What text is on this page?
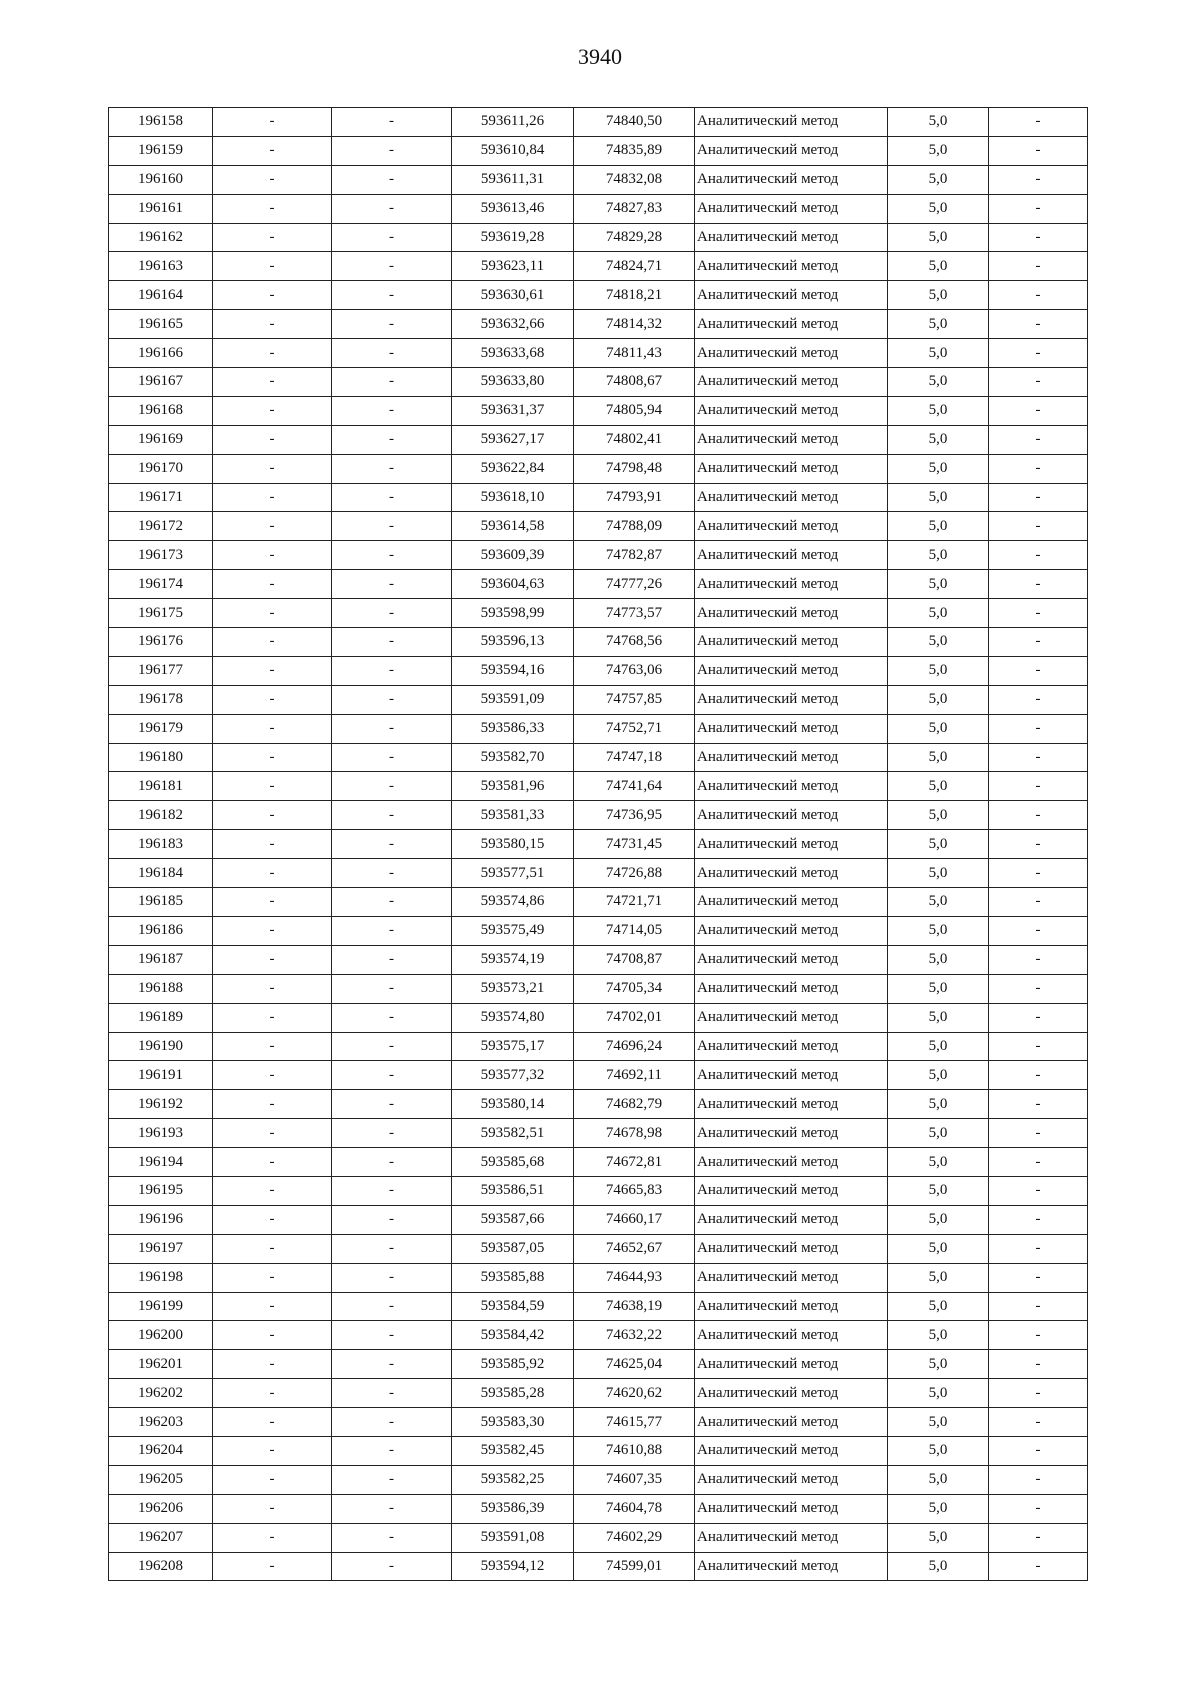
3940
196158	-	-	593611,26	74840,50	Аналитический метод	5,0	-
196159	-	-	593610,84	74835,89	Аналитический метод	5,0	-
196160	-	-	593611,31	74832,08	Аналитический метод	5,0	-
196161	-	-	593613,46	74827,83	Аналитический метод	5,0	-
196162	-	-	593619,28	74829,28	Аналитический метод	5,0	-
196163	-	-	593623,11	74824,71	Аналитический метод	5,0	-
196164	-	-	593630,61	74818,21	Аналитический метод	5,0	-
196165	-	-	593632,66	74814,32	Аналитический метод	5,0	-
196166	-	-	593633,68	74811,43	Аналитический метод	5,0	-
196167	-	-	593633,80	74808,67	Аналитический метод	5,0	-
196168	-	-	593631,37	74805,94	Аналитический метод	5,0	-
196169	-	-	593627,17	74802,41	Аналитический метод	5,0	-
196170	-	-	593622,84	74798,48	Аналитический метод	5,0	-
196171	-	-	593618,10	74793,91	Аналитический метод	5,0	-
196172	-	-	593614,58	74788,09	Аналитический метод	5,0	-
196173	-	-	593609,39	74782,87	Аналитический метод	5,0	-
196174	-	-	593604,63	74777,26	Аналитический метод	5,0	-
196175	-	-	593598,99	74773,57	Аналитический метод	5,0	-
196176	-	-	593596,13	74768,56	Аналитический метод	5,0	-
196177	-	-	593594,16	74763,06	Аналитический метод	5,0	-
196178	-	-	593591,09	74757,85	Аналитический метод	5,0	-
196179	-	-	593586,33	74752,71	Аналитический метод	5,0	-
196180	-	-	593582,70	74747,18	Аналитический метод	5,0	-
196181	-	-	593581,96	74741,64	Аналитический метод	5,0	-
196182	-	-	593581,33	74736,95	Аналитический метод	5,0	-
196183	-	-	593580,15	74731,45	Аналитический метод	5,0	-
196184	-	-	593577,51	74726,88	Аналитический метод	5,0	-
196185	-	-	593574,86	74721,71	Аналитический метод	5,0	-
196186	-	-	593575,49	74714,05	Аналитический метод	5,0	-
196187	-	-	593574,19	74708,87	Аналитический метод	5,0	-
196188	-	-	593573,21	74705,34	Аналитический метод	5,0	-
196189	-	-	593574,80	74702,01	Аналитический метод	5,0	-
196190	-	-	593575,17	74696,24	Аналитический метод	5,0	-
196191	-	-	593577,32	74692,11	Аналитический метод	5,0	-
196192	-	-	593580,14	74682,79	Аналитический метод	5,0	-
196193	-	-	593582,51	74678,98	Аналитический метод	5,0	-
196194	-	-	593585,68	74672,81	Аналитический метод	5,0	-
196195	-	-	593586,51	74665,83	Аналитический метод	5,0	-
196196	-	-	593587,66	74660,17	Аналитический метод	5,0	-
196197	-	-	593587,05	74652,67	Аналитический метод	5,0	-
196198	-	-	593585,88	74644,93	Аналитический метод	5,0	-
196199	-	-	593584,59	74638,19	Аналитический метод	5,0	-
196200	-	-	593584,42	74632,22	Аналитический метод	5,0	-
196201	-	-	593585,92	74625,04	Аналитический метод	5,0	-
196202	-	-	593585,28	74620,62	Аналитический метод	5,0	-
196203	-	-	593583,30	74615,77	Аналитический метод	5,0	-
196204	-	-	593582,45	74610,88	Аналитический метод	5,0	-
196205	-	-	593582,25	74607,35	Аналитический метод	5,0	-
196206	-	-	593586,39	74604,78	Аналитический метод	5,0	-
196207	-	-	593591,08	74602,29	Аналитический метод	5,0	-
196208	-	-	593594,12	74599,01	Аналитический метод	5,0	-
